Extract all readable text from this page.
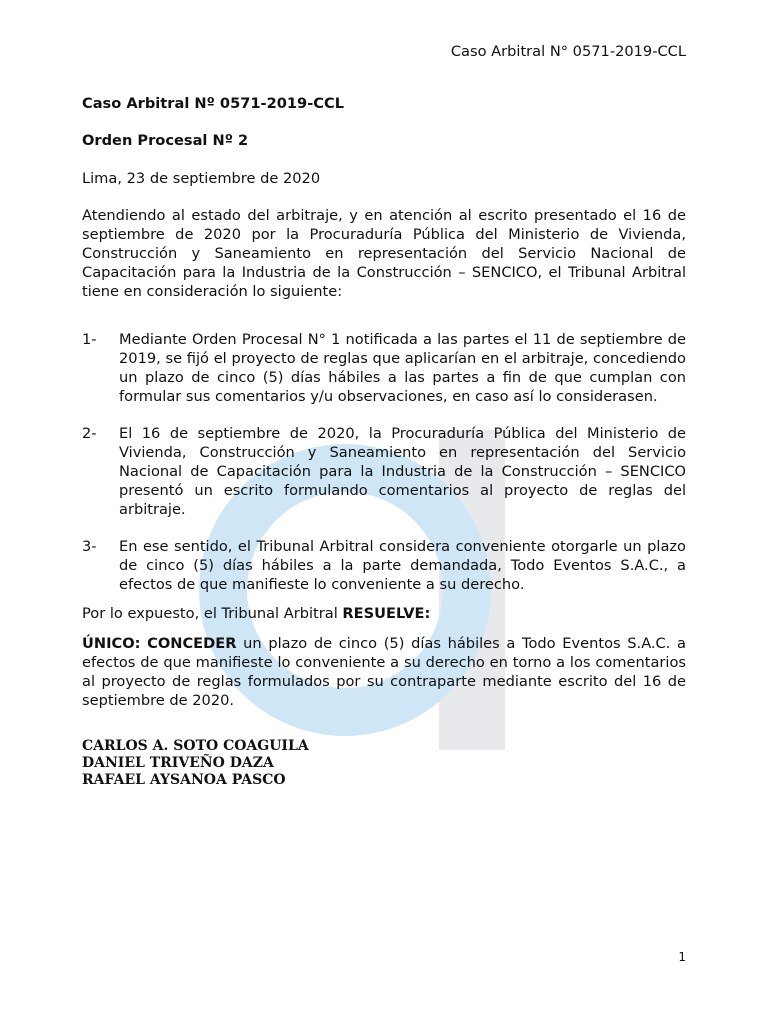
Caso Arbitral N° 0571-2019-CCL

Caso Arbitral Nº 0571-2019-CCL
Orden Procesal Nº 2

Lima, 23 de septiembre de 2020

Atendiendo al estado del arbitraje, y en atención al escrito presentado el 16 de septiembre de 2020 por la Procuraduría Pública del Ministerio de Vivienda, Construcción y Saneamiento en representación del Servicio Nacional de Capacitación para la Industria de la Construcción – SENCICO, el Tribunal Arbitral tiene en consideración lo siguiente:

1- Mediante Orden Procesal N° 1 notificada a las partes el 11 de septiembre de 2019, se fijó el proyecto de reglas que aplicarían en el arbitraje, concediendo un plazo de cinco (5) días hábiles a las partes a fin de que cumplan con formular sus comentarios y/u observaciones, en caso así lo considerasen.
2- El 16 de septiembre de 2020, la Procuraduría Pública del Ministerio de Vivienda, Construcción y Saneamiento en representación del Servicio Nacional de Capacitación para la Industria de la Construcción – SENCICO presentó un escrito formulando comentarios al proyecto de reglas del arbitraje.
3- En ese sentido, el Tribunal Arbitral considera conveniente otorgarle un plazo de cinco (5) días hábiles a la parte demandada, Todo Eventos S.A.C., a efectos de que manifieste lo conveniente a su derecho.

Por lo expuesto, el Tribunal Arbitral RESUELVE:

ÚNICO: CONCEDER un plazo de cinco (5) días hábiles a Todo Eventos S.A.C. a efectos de que manifieste lo conveniente a su derecho en torno a los comentarios al proyecto de reglas formulados por su contraparte mediante escrito del 16 de septiembre de 2020.

CARLOS A. SOTO COAGUILA
DANIEL TRIVEÑO DAZA
RAFAEL AYSANOA PASCO

1
